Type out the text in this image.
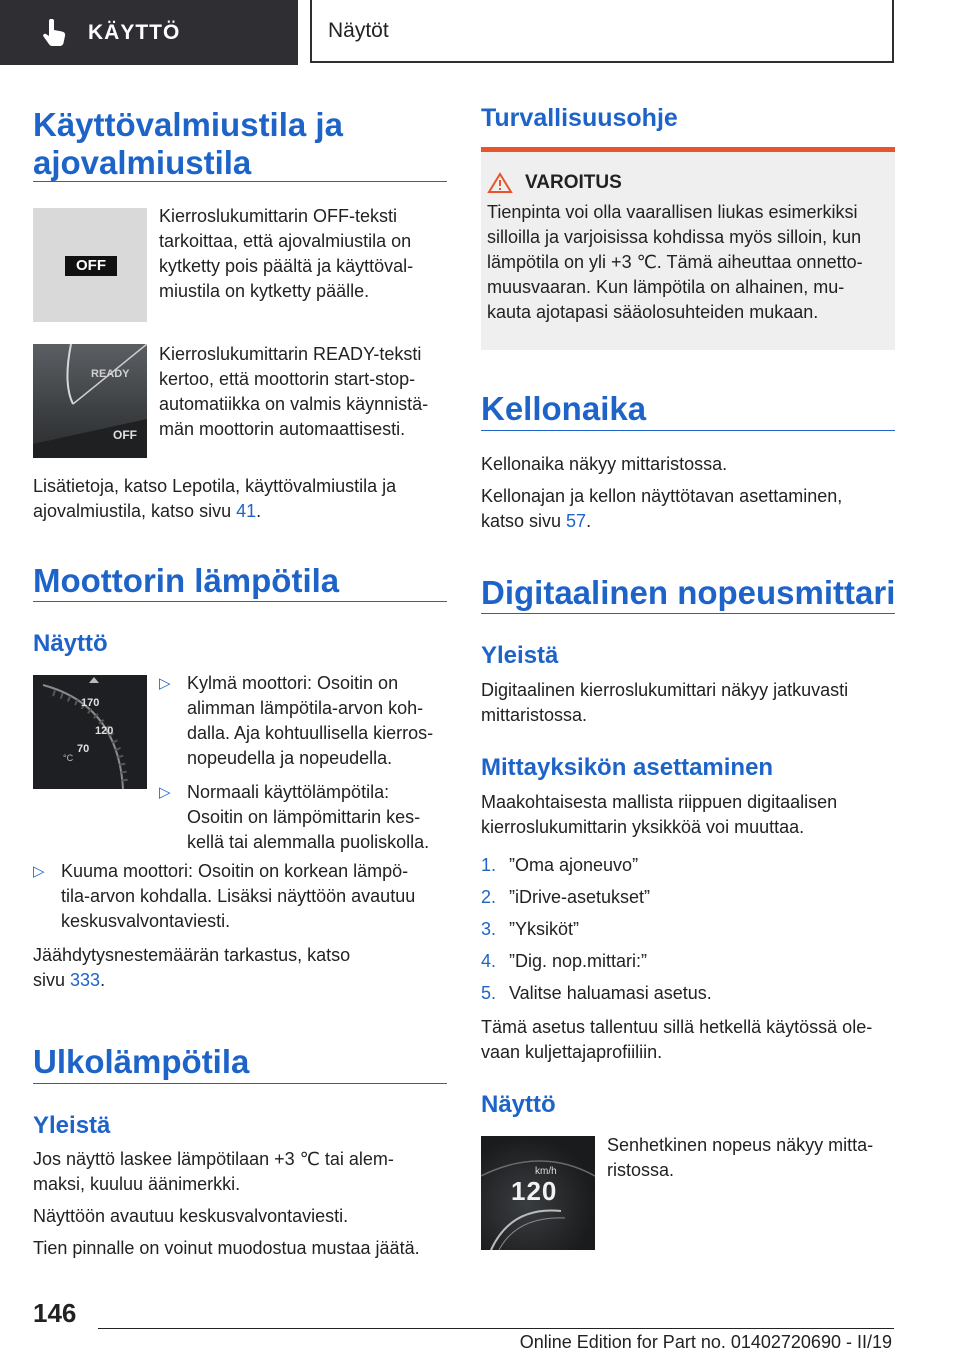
KÄYTTÖ	Näytöt
Käyttövalmiustila ja
ajovalmiustila
OFF

Kierroslukumittarin OFF-teksti

tarkoittaa, että ajovalmiustila on

kytketty pois päältä ja käyttöval-

miustila on kytketty päälle.

READY
OFF

Kierroslukumittarin READY-teksti

kertoo, että moottorin start-stop-

automatiikka on valmis käynnistä-

män moottorin automaattisesti.

Lisätietoja, katso Lepotila, käyttövalmiustila ja

ajovalmiustila, katso sivu 41.

Moottorin lämpötila
Näyttö
170
120
70
°C
▷ Kylmä moottori: Osoitin on

alimman lämpötila-arvon koh-

dalla. Aja kohtuullisella kierros-

nopeudella ja nopeudella.

▷ Normaali käyttölämpötila:

Osoitin on lämpömittarin kes-

kellä tai alemmalla puoliskolla.

▷ Kuuma moottori: Osoitin on korkean lämpö-

tila-arvon kohdalla. Lisäksi näyttöön avautuu

keskusvalvontaviesti.

Jäähdytysnestemäärän tarkastus, katso

sivu 333.

Ulkolämpötila
Yleistä

Jos näyttö laskee lämpötilaan +3 ℃ tai alem-

maksi, kuuluu äänimerkki.

Näyttöön avautuu keskusvalvontaviesti.

Tien pinnalle on voinut muodostua mustaa jäätä.

Turvallisuusohje
VAROITUS

Tienpinta voi olla vaarallisen liukas esimerkiksi

silloilla ja varjoisissa kohdissa myös silloin, kun

lämpötila on yli +3 ℃. Tämä aiheuttaa onnetto-

muusvaaran. Kun lämpötila on alhainen, mu-

kauta ajotapasi sääolosuhteiden mukaan.

Kellonaika

Kellonaika näkyy mittaristossa.

Kellonajan ja kellon näyttötavan asettaminen,

katso sivu 57.

Digitaalinen nopeusmittari
Yleistä

Digitaalinen kierroslukumittari näkyy jatkuvasti

mittaristossa.

Mittayksikön asettaminen

Maakohtaisesta mallista riippuen digitaalisen

kierroslukumittarin yksikköä voi muuttaa.

1. ”Oma ajoneuvo”
2. ”iDrive-asetukset”
3. ”Yksiköt”
4. ”Dig. nop.mittari:”
5. Valitse haluamasi asetus.

Tämä asetus tallentuu sillä hetkellä käytössä ole-

vaan kuljettajaprofiiliin.

Näyttö
km/h
120

Senhetkinen nopeus näkyy mitta-

ristossa.

146
Online Edition for Part no. 01402720690 - II/19
